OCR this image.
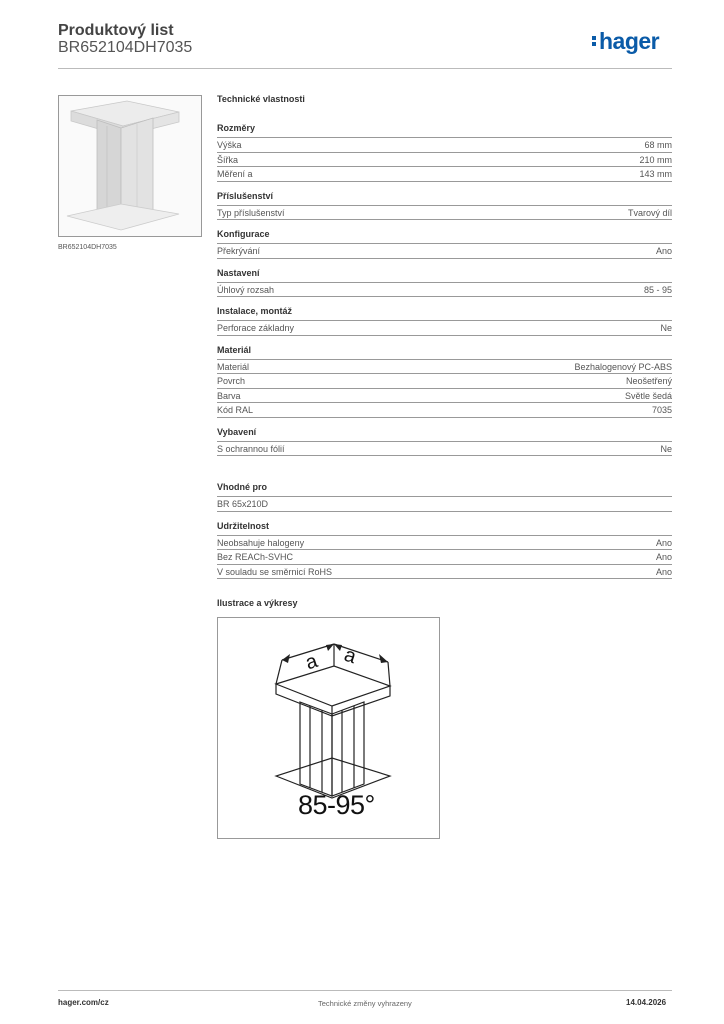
Produktový list
BR652104DH7035	hager
BR652104DH7035
Technické vlastnosti
Rozměry
Výška	68 mm
Šířka	210 mm
Měření a	143 mm
Příslušenství
Typ příslušenství	Tvarový díl
Konfigurace
Překrývání	Ano
Nastavení
Úhlový rozsah	85 - 95
Instalace, montáž
Perforace základny	Ne
Materiál
Materiál	Bezhalogenový PC-ABS
Povrch	Neošetřený
Barva	Světle šedá
Kód RAL	7035
Vybavení
S ochrannou fólií	Ne
Vhodné pro
BR 65x210D
Udržitelnost
Neobsahuje halogeny	Ano
Bez REACh-SVHC	Ano
V souladu se směrnicí RoHS	Ano
Ilustrace a výkresy
a a
85-95°
hager.com/cz	Technické změny vyhrazeny	14.04.2026
